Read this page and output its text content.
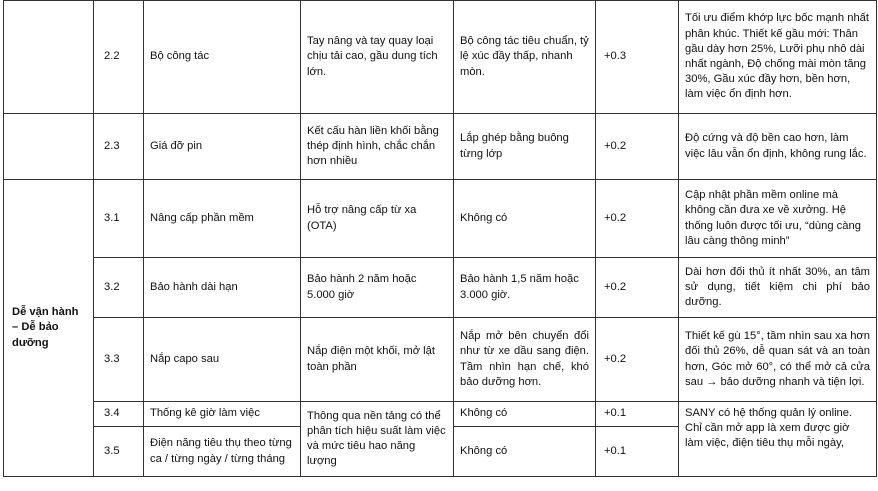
	2.2	Bộ công tác	Tay nâng và tay quay loại chịu tải cao, gầu dung tích lớn.	Bộ công tác tiêu chuẩn, tỷ lệ xúc đầy thấp, nhanh mòn.	+0.3	Tối ưu điểm khớp lực bốc mạnh nhất phân khúc. Thiết kế gầu mới: Thân gầu dày hơn 25%, Lưỡi phụ nhô dài nhất ngành, Độ chống mài mòn tăng 30%, Gầu xúc đầy hơn, bền hơn, làm việc ổn định hơn.
	2.3	Giá đỡ pin	Kết cấu hàn liền khối bằng thép định hình, chắc chắn hơn nhiều	Lắp ghép bằng buông từng lớp	+0.2	Độ cứng và độ bền cao hơn, làm việc lâu vẫn ổn định, không rung lắc.
Dễ vận hành – Dễ bảo dưỡng	3.1	Nâng cấp phần mềm	Hỗ trợ nâng cấp từ xa (OTA)	Không có	+0.2	Cập nhật phần mềm online mà không cần đưa xe về xưởng. Hệ thống luôn được tối ưu, “dùng càng lâu càng thông minh”
	3.2	Bảo hành dài hạn	Bảo hành 2 năm hoặc 5.000 giờ	Bảo hành 1,5 năm hoặc 3.000 giờ.	+0.2	Dài hơn đối thủ ít nhất 30%, an tâm sử dụng, tiết kiệm chi phí bảo dưỡng.
	3.3	Nắp capo sau	Nắp điện một khối, mở lật toàn phần	Nắp mở bên chuyển đổi như từ xe dầu sang điện. Tầm nhìn hạn chế, khó bảo dưỡng hơn.	+0.2	Thiết kế gù 15°, tầm nhìn sau xa hơn đối thủ 26%, dễ quan sát và an toàn hơn, Góc mở 60°, có thể mở cả cửa sau → bảo dưỡng nhanh và tiện lợi.
	3.4	Thống kê giờ làm việc	Thông qua nền tảng có thể phân tích hiệu suất làm việc và mức tiêu hao năng lượng	Không có	+0.1	SANY có hệ thống quản lý online. Chỉ cần mở app là xem được giờ làm việc, điện tiêu thụ mỗi ngày,
	3.5	Điện năng tiêu thụ theo từng ca / từng ngày / từng tháng		Không có	+0.1	
